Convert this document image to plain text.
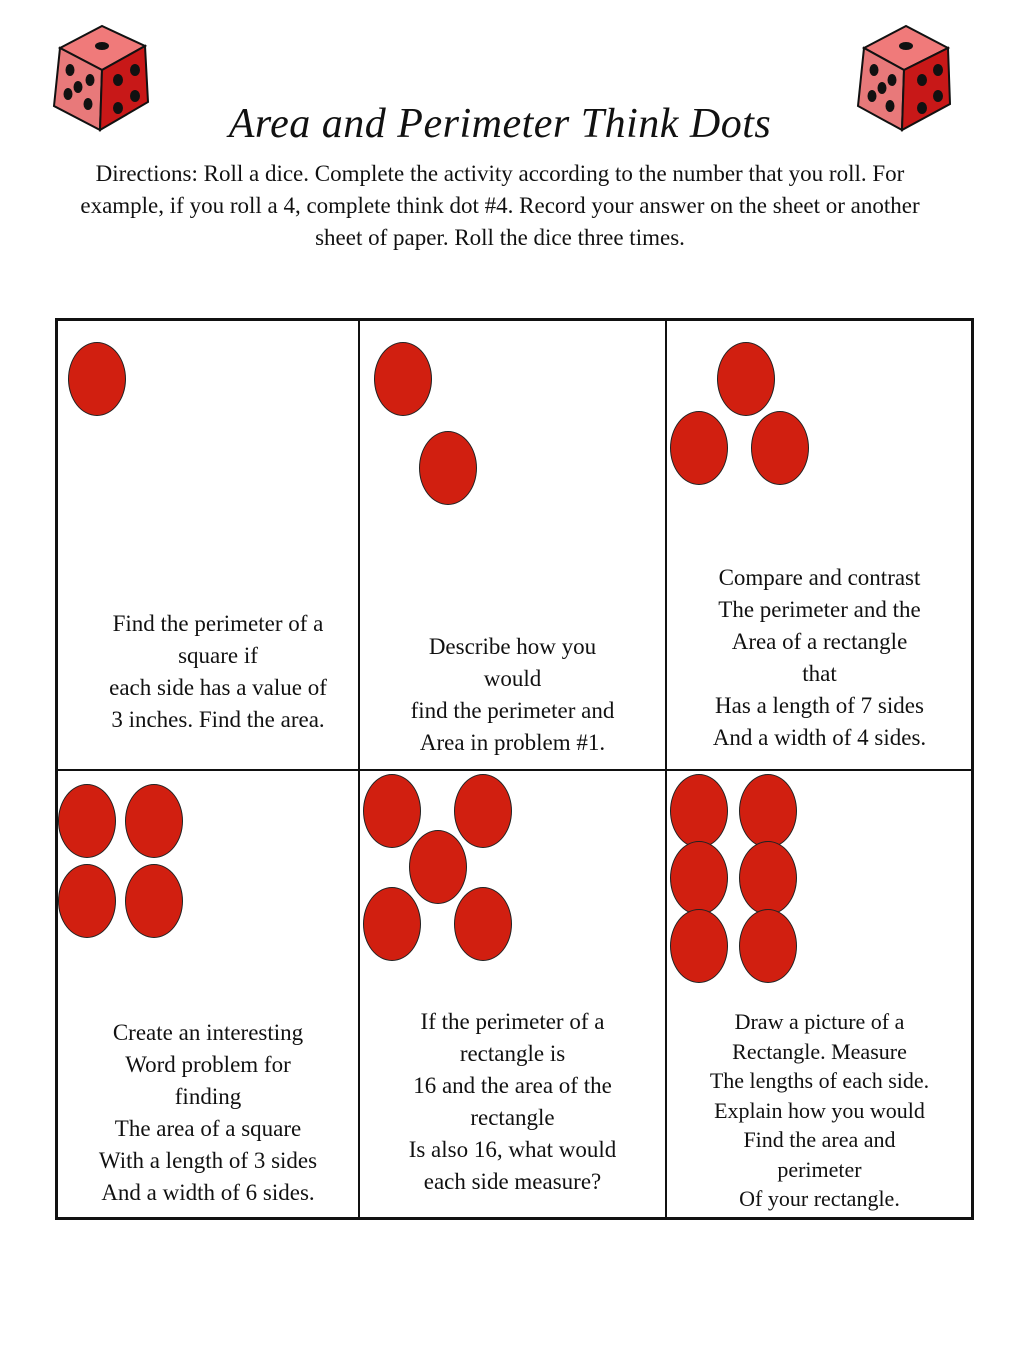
Area and Perimeter Think Dots
Directions: Roll a dice. Complete the activity according to the number that you roll. For example, if you roll a 4, complete think dot #4. Record your answer on the sheet or another sheet of paper. Roll the dice three times.
Find the perimeter of a
square if
each side has a value of
3 inches. Find the area.
Describe how you
would
find the perimeter and
Area in problem #1.
Compare and contrast
The perimeter and the
Area of a rectangle
that
Has a length of 7 sides
And a width of 4 sides.
Create an interesting
Word problem for
finding
The area of a square
With a length of 3 sides
And a width of 6 sides.
If the perimeter of a
rectangle is
16 and the area of the
rectangle
Is also 16, what would
each side measure?
Draw a picture of a
Rectangle. Measure
The lengths of each side.
Explain how you would
Find the area and
perimeter
Of your rectangle.
